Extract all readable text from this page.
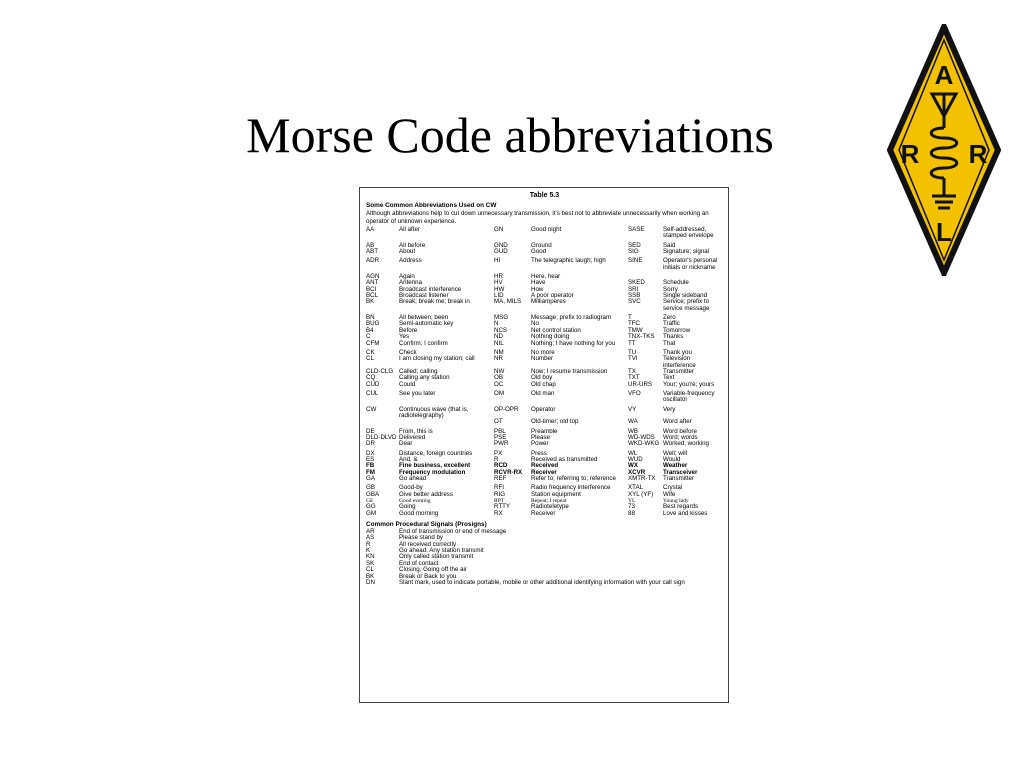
Morse Code abbreviations
A
R R
L
Table 5.3
Some Common Abbreviations Used on CW
Although abbreviations help to cut down unnecessary transmission, it's best not to abbreviate unnecessarily when working an operator of unknown experience.
AA	All after	GN	Good night	SASE	Self-addressed, stamped envelope

AB	All before	GND	Ground	SED	Said
ABT	About	GUD	Good	SIG	Signature; signal

ADR	Address	HI	The telegraphic laugh; high	SINE	Operator's personal initials or nickname

AGN	Again	HR	Here, hear		
ANT	Antenna	HV	Have	SKED	Schedule
BCI	Broadcast interference	HW	How	SRI	Sorry
BCL	Broadcast listener	LID	A poor operator	SSB	Single sideband
BK	Break; break me; break in	MA, MILS	Milliamperes	SVC	Service; prefix to service message

BN	All between; been	MSG	Message; prefix to radiogram	T	Zero
BUG	Semi-automatic key	N	No	TFC	Traffic
B4	Before	NCS	Net control station	TMW	Tomorrow
C	Yes	ND	Nothing doing	TNX-TKS	Thanks
CFM	Confirm; I confirm	NIL	Nothing; I have nothing for you	TT	That

CK	Check	NM	No more	TU	Thank you
CL	I am closing my station; call	NR	Number	TVI	Television interference
CLD-CLG	Called; calling	NW	Now; I resume transmission	TX	Transmitter
CQ	Calling any station	OB	Old boy	TXT	Text
CUD	Could	OC	Old chap	UR-URS	Your; you're; yours

CUL	See you later	OM	Old man	VFO	Variable-frequency oscillator

CW	Continuous wave (that is, radiotelegraphy)	OP-OPR	Operator	VY	Very
		OT	Old-timer; old top	WA	Word after

DE	From, this is	PBL	Preamble	WB	Word before
DLD-DLVD	Delivered	PSE	Please	WD-WDS	Word; words
DR	Dear	PWR	Power	WKD-WKG	Worked; working

DX	Distance, foreign countries	PX	Press	WL	Well; will
ES	And, &	R	Received as transmitted	WUD	Would
FB	Fine business, excellent	RCD	Received	WX	Weather
FM	Frequency modulation	RCVR-RX	Receiver	XCVR	Transceiver
GA	Go ahead	REF	Refer to; referring to; reference	XMTR-TX	Transmitter

GB	Good-by	RFI	Radio frequency interference	XTAL	Crystal
GBA	Give better address	RIG	Station equipment	XYL (YF)	Wife
GE	Good evening	RPT	Repeat; I repeat	YL	Young lady
GG	Going	RTTY	Radioteletype	73	Best regards
GM	Good morning	RX	Receiver	88	Love and kisses
Common Procedural Signals (Prosigns)
AR	End of transmission or end of message
AS	Please stand by
R	All received correctly
K	Go ahead. Any station transmit
KN	Only called station transmit
SK	End of contact
CL	Closing. Going off the air
BK	Break or Back to you
DN	Slant mark, used to indicate portable, mobile or other additional identifying information with your call sign
